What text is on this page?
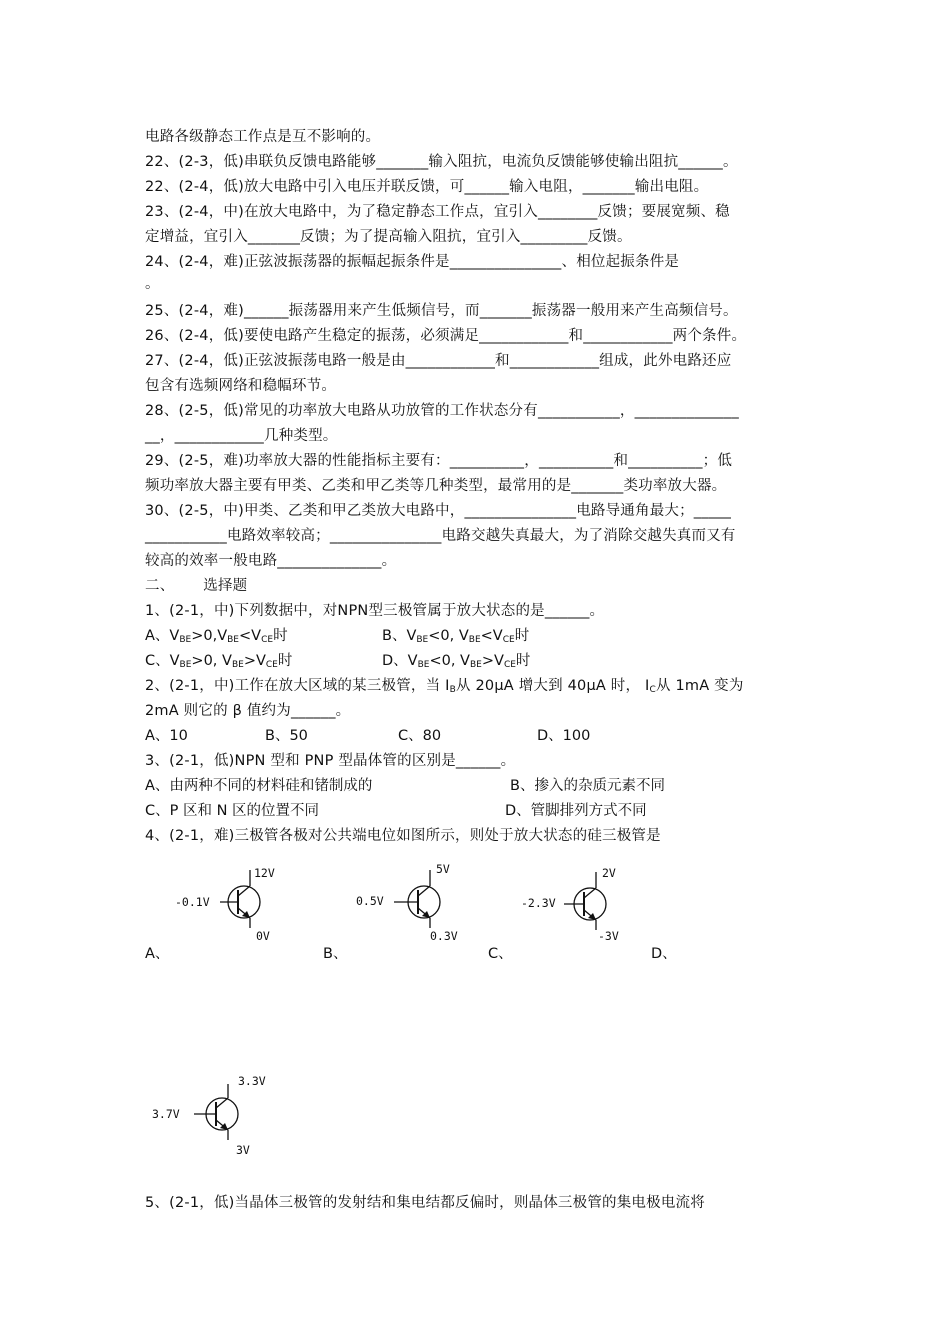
电路各级静态工作点是互不影响的。
22、(2-3，低)串联负反馈电路能够_______输入阻抗，电流负反馈能够使输出阻抗______。
22、(2-4，低)放大电路中引入电压并联反馈，可______输入电阻，_______输出电阻。
23、(2-4，中)在放大电路中，为了稳定静态工作点，宜引入________反馈；要展宽频、稳
定增益，宜引入_______反馈；为了提高输入阻抗，宜引入_________反馈。
24、(2-4，难)正弦波振荡器的振幅起振条件是_______________、相位起振条件是
。
25、(2-4，难)______振荡器用来产生低频信号，而_______振荡器一般用来产生高频信号。
26、(2-4，低)要使电路产生稳定的振荡，必须满足____________和____________两个条件。
27、(2-4，低)正弦波振荡电路一般是由____________和____________组成，此外电路还应
包含有选频网络和稳幅环节。
28、(2-5，低)常见的功率放大电路从功放管的工作状态分有___________，______________
__，____________几种类型。
29、(2-5，难)功率放大器的性能指标主要有：__________，__________和__________；低
频功率放大器主要有甲类、乙类和甲乙类等几种类型，最常用的是_______类功率放大器。
30、(2-5，中)甲类、乙类和甲乙类放大电路中，_______________电路导通角最大；_____
___________电路效率较高；_______________电路交越失真最大，为了消除交越失真而又有
较高的效率一般电路______________。
二、      选择题
1、(2-1，中)下列数据中，对NPN型三极管属于放大状态的是______。
A、$V_{BE}>0,V_{BE}<V_{CE}$时	B、$V_{BE}<0$, $V_{BE}<V_{CE}$时
C、$V_{BE}>0$, $V_{BE}>V_{CE}$时	D、$V_{BE}<0$, $V_{BE}>V_{CE}$时
2、(2-1，中)工作在放大区域的某三极管，当 $I_B$从 20μA 增大到 40μA 时， $I_C$从 1mA 变为
2mA 则它的 β 值约为______。
A、10	B、50	C、80	D、100
3、(2-1，低)NPN 型和 PNP 型晶体管的区别是______。
A、由两种不同的材料硅和锗制成的	B、掺入的杂质元素不同
C、P 区和 N 区的位置不同	D、管脚排列方式不同
4、(2-1，难)三极管各极对公共端电位如图所示，则处于放大状态的硅三极管是
-0.1V
12V
0V
0.5V
5V
0.3V
-2.3V
2V
-3V
A、	B、	C、	D、
3.7V
3.3V
3V
5、(2-1，低)当晶体三极管的发射结和集电结都反偏时，则晶体三极管的集电极电流将
